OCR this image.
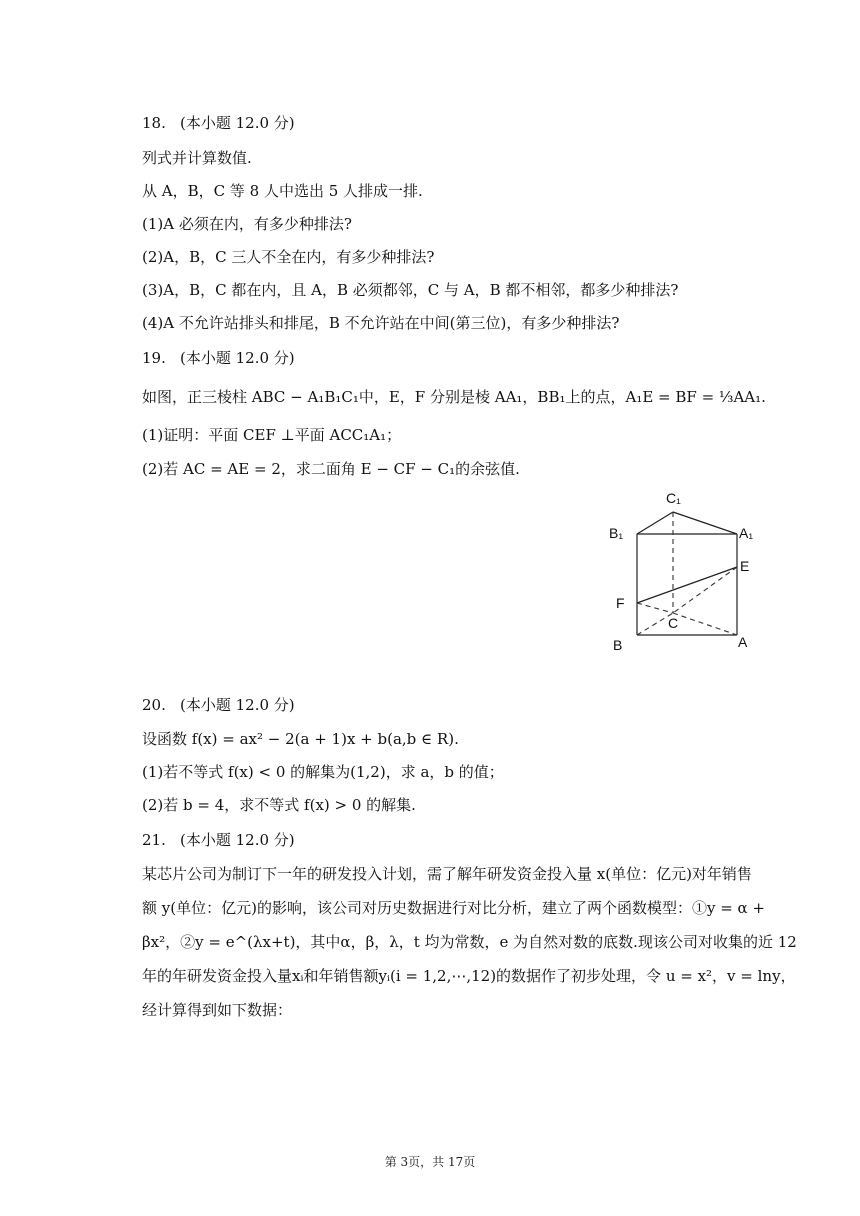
18. (本小题 12.0 分)
列式并计算数值.
从 A，B，C 等 8 人中选出 5 人排成一排.
(1)A 必须在内，有多少种排法?
(2)A，B，C 三人不全在内，有多少种排法?
(3)A，B，C 都在内，且 A，B 必须都邻，C 与 A，B 都不相邻，都多少种排法?
(4)A 不允许站排头和排尾，B 不允许站在中间(第三位)，有多少种排法?
19. (本小题 12.0 分)
如图，正三棱柱 ABC − A₁B₁C₁中，E，F 分别是棱 AA₁，BB₁上的点，A₁E = BF = ⅓AA₁.
(1)证明：平面 CEF ⊥平面 ACC₁A₁；
(2)若 AC = AE = 2，求二面角 E − CF − C₁的余弦值.
C₁
B₁	A₁
E
F
C
B	A
20. (本小题 12.0 分)
设函数 f(x) = ax² − 2(a + 1)x + b(a,b ∈ R).
(1)若不等式 f(x) < 0 的解集为(1,2)，求 a，b 的值；
(2)若 b = 4，求不等式 f(x) > 0 的解集.
21. (本小题 12.0 分)
某芯片公司为制订下一年的研发投入计划，需了解年研发资金投入量 x(单位：亿元)对年销售
额 y(单位：亿元)的影响，该公司对历史数据进行对比分析，建立了两个函数模型：①y = α +
βx²，②y = e^(λx+t)，其中α，β，λ，t 均为常数，e 为自然对数的底数.现该公司对收集的近 12
年的年研发资金投入量xᵢ和年销售额yᵢ(i = 1,2,⋯,12)的数据作了初步处理，令 u = x²，v = lny，
经计算得到如下数据：
第 3页，共 17页
